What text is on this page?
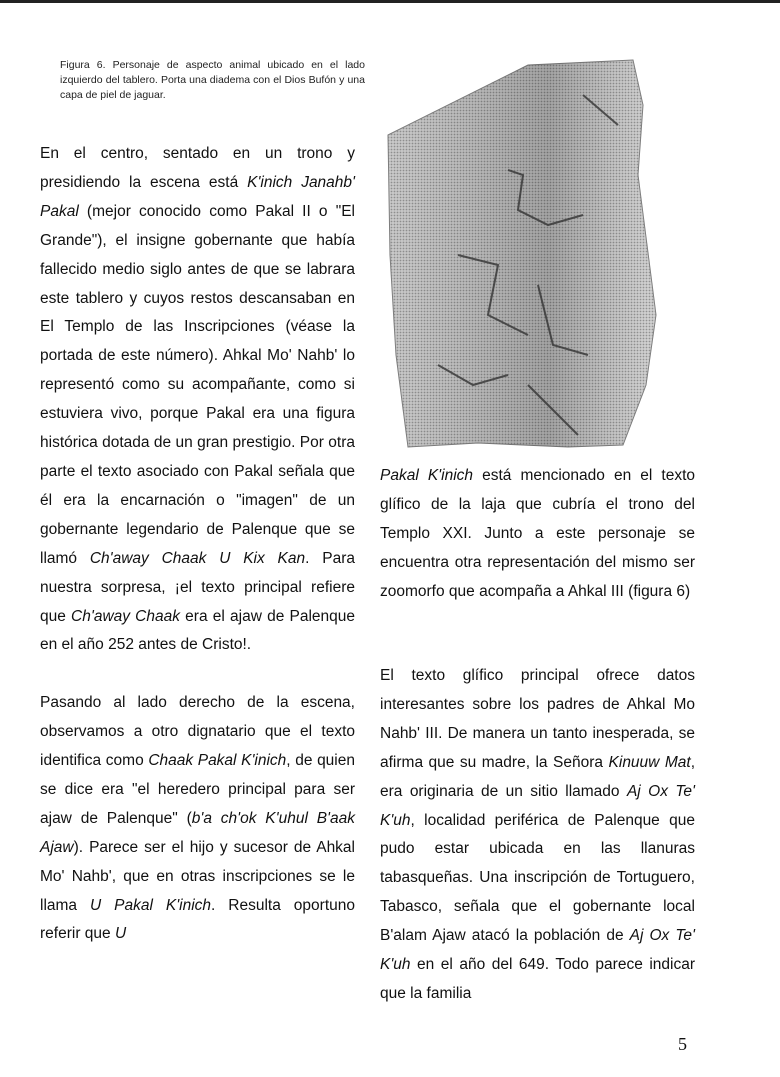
Figura 6. Personaje de aspecto animal ubicado en el lado izquierdo del tablero. Porta una diadema con el Dios Bufón y una capa de piel de jaguar.

En el centro, sentado en un trono y presidiendo la escena está K'inich Janahb' Pakal (mejor conocido como Pakal II o "El Grande"), el insigne gobernante que había fallecido medio siglo antes de que se labrara este tablero y cuyos restos descansaban en El Templo de las Inscripciones (véase la portada de este número). Ahkal Mo' Nahb' lo representó como su acompañante, como si estuviera vivo, porque Pakal era una figura histórica dotada de un gran prestigio. Por otra parte el texto asociado con Pakal señala que él era la encarnación o "imagen" de un gobernante legendario de Palenque que se llamó Ch'away Chaak U Kix Kan. Para nuestra sorpresa, ¡el texto principal refiere que Ch'away Chaak era el ajaw de Palenque en el año 252 antes de Cristo!.

Pasando al lado derecho de la escena, observamos a otro dignatario que el texto identifica como Chaak Pakal K'inich, de quien se dice era "el heredero principal para ser ajaw de Palenque" (b'a ch'ok K'uhul B'aak Ajaw). Parece ser el hijo y sucesor de Ahkal Mo' Nahb', que en otras inscripciones se le llama U Pakal K'inich. Resulta oportuno referir que U

Pakal K'inich está mencionado en el texto glífico de la laja que cubría el trono del Templo XXI. Junto a este personaje se encuentra otra representación del mismo ser zoomorfo que acompaña a Ahkal III (figura 6)

El texto glífico principal ofrece datos interesantes sobre los padres de Ahkal Mo Nahb' III. De manera un tanto inesperada, se afirma que su madre, la Señora Kinuuw Mat, era originaria de un sitio llamado Aj Ox Te' K'uh, localidad periférica de Palenque que pudo estar ubicada en las llanuras tabasqueñas. Una inscripción de Tortuguero, Tabasco, señala que el gobernante local B'alam Ajaw atacó la población de Aj Ox Te' K'uh en el año del 649. Todo parece indicar que la familia

5
